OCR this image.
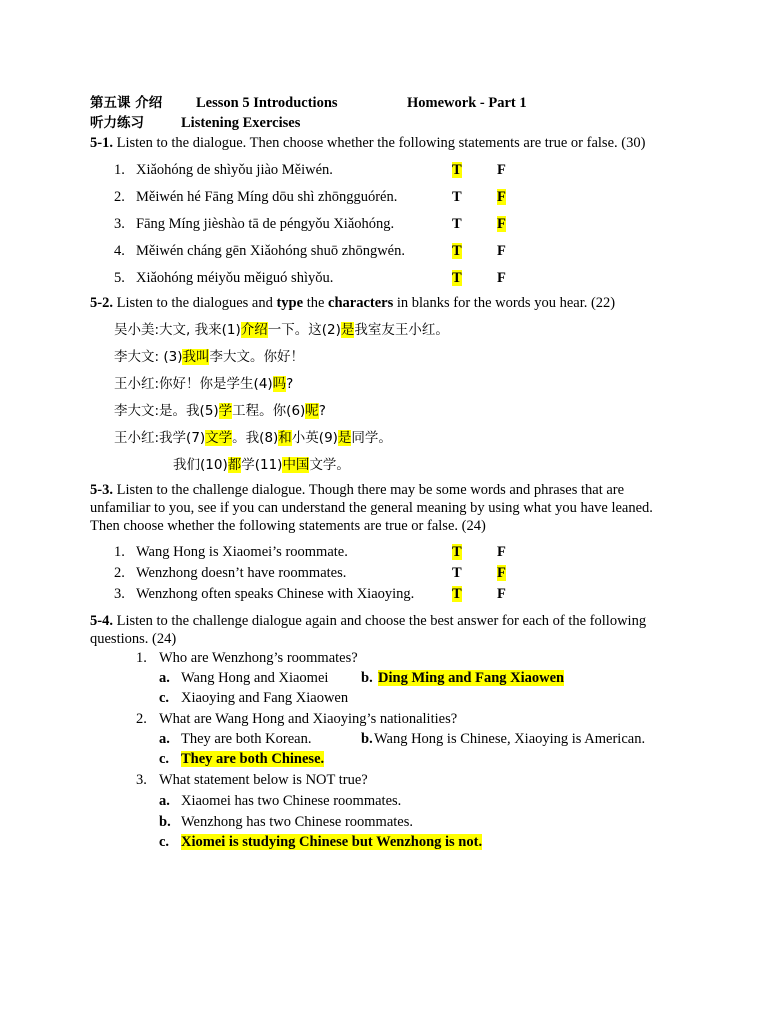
第五课 介绍 Lesson 5 Introductions	Homework - Part 1
听力练习	Listening Exercises
5-1. Listen to the dialogue. Then choose whether the following statements are true or false. (30)
1. Xiǎohóng de shìyǒu jiào Měiwén.	T F
2. Měiwén hé Fāng Míng dōu shì zhōngguórén.	T F
3. Fāng Míng jièshào tā de péngyǒu Xiǎohóng.	T F
4. Měiwén cháng gēn Xiǎohóng shuō zhōngwén.	T F
5. Xiǎohóng méiyǒu měiguó shìyǒu.	T F
5-2. Listen to the dialogues and type the characters in blanks for the words you hear. (22)
吴小美:大文, 我来(1)介绍一下。这(2)是我室友王小红。
李大文: (3)我叫李大文。你好！
王小红:你好！你是学生(4)吗?
李大文:是。我(5)学工程。你(6)呢?
王小红:我学(7)文学。我(8)和小英(9)是同学。
我们(10)都学(11)中国文学。
5-3. Listen to the challenge dialogue. Though there may be some words and phrases that are
unfamiliar to you, see if you can understand the general meaning by using what you have leaned.
Then choose whether the following statements are true or false. (24)
1. Wang Hong is Xiaomei’s roommate.	T F
2. Wenzhong doesn’t have roommates.	T F
3. Wenzhong often speaks Chinese with Xiaoying.	T F
5-4. Listen to the challenge dialogue again and choose the best answer for each of the following
questions. (24)
1. Who are Wenzhong’s roommates?
a. Wang Hong and Xiaomei b. Ding Ming and Fang Xiaowen
c. Xiaoying and Fang Xiaowen
2. What are Wang Hong and Xiaoying’s nationalities?
a. They are both Korean.	b. Wang Hong is Chinese, Xiaoying is American.
c. They are both Chinese.
3. What statement below is NOT true?
a. Xiaomei has two Chinese roommates.
b. Wenzhong has two Chinese roommates.
c. Xiomei is studying Chinese but Wenzhong is not.
